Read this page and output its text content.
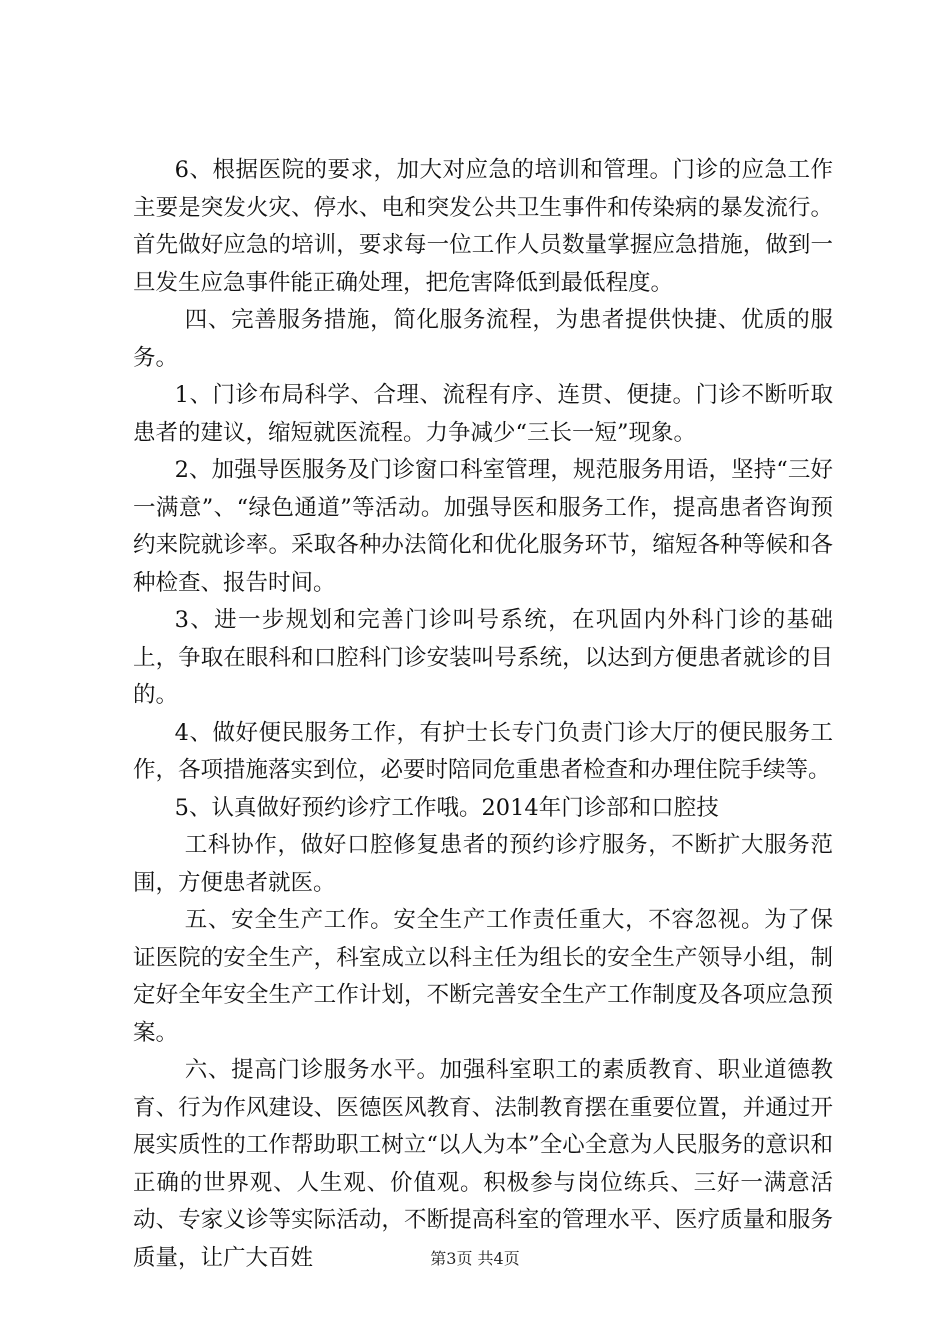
6、根据医院的要求，加大对应急的培训和管理。门诊的应急工作主要是突发火灾、停水、电和突发公共卫生事件和传染病的暴发流行。首先做好应急的培训，要求每一位工作人员数量掌握应急措施，做到一旦发生应急事件能正确处理，把危害降低到最低程度。

四、完善服务措施，简化服务流程，为患者提供快捷、优质的服务。

1、门诊布局科学、合理、流程有序、连贯、便捷。门诊不断听取患者的建议，缩短就医流程。力争减少“三长一短”现象。

2、加强导医服务及门诊窗口科室管理，规范服务用语，坚持“三好一满意”、“绿色通道”等活动。加强导医和服务工作，提高患者咨询预约来院就诊率。采取各种办法简化和优化服务环节，缩短各种等候和各种检查、报告时间。

3、进一步规划和完善门诊叫号系统，在巩固内外科门诊的基础上，争取在眼科和口腔科门诊安装叫号系统，以达到方便患者就诊的目的。

4、做好便民服务工作，有护士长专门负责门诊大厅的便民服务工作，各项措施落实到位，必要时陪同危重患者检查和办理住院手续等。

5、认真做好预约诊疗工作哦。2014年门诊部和口腔技

工科协作，做好口腔修复患者的预约诊疗服务，不断扩大服务范围，方便患者就医。

五、安全生产工作。安全生产工作责任重大，不容忽视。为了保证医院的安全生产，科室成立以科主任为组长的安全生产领导小组，制定好全年安全生产工作计划，不断完善安全生产工作制度及各项应急预案。

六、提高门诊服务水平。加强科室职工的素质教育、职业道德教育、行为作风建设、医德医风教育、法制教育摆在重要位置，并通过开展实质性的工作帮助职工树立“以人为本”全心全意为人民服务的意识和正确的世界观、人生观、价值观。积极参与岗位练兵、三好一满意活动、专家义诊等实际活动，不断提高科室的管理水平、医疗质量和服务质量，让广大百姓	第3页 共4页
